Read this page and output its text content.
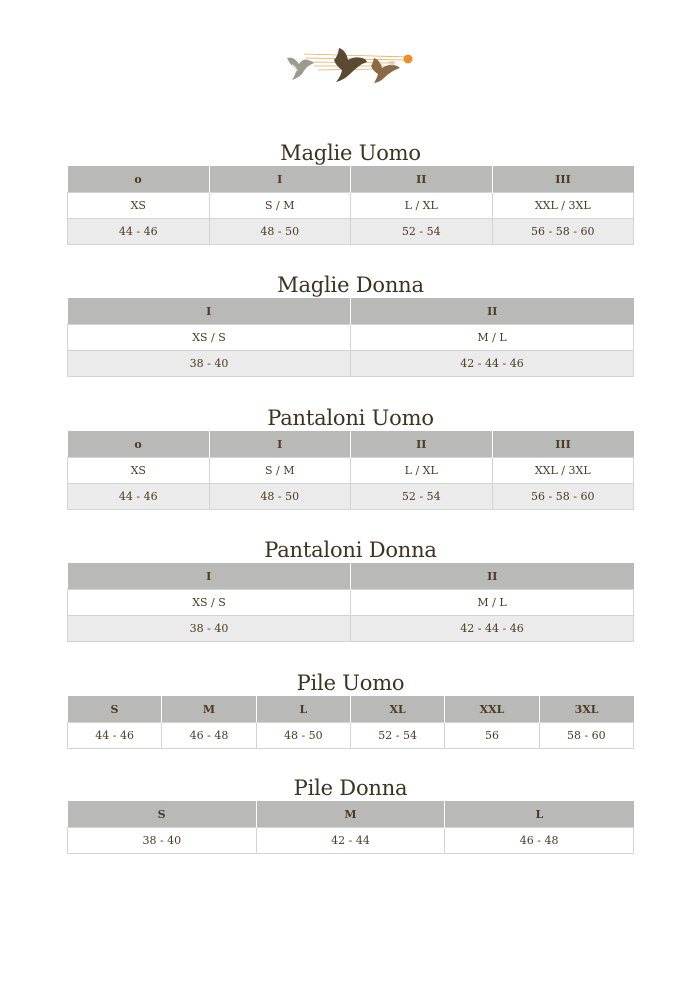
Maglie Uomo
o	I	II	III
XS	S / M	L / XL	XXL / 3XL
44 - 46	48 - 50	52 - 54	56 - 58 - 60
Maglie Donna
I	II
XS / S	M / L
38 - 40	42 - 44 - 46
Pantaloni Uomo
o	I	II	III
XS	S / M	L / XL	XXL / 3XL
44 - 46	48 - 50	52 - 54	56 - 58 - 60
Pantaloni Donna
I	II
XS / S	M / L
38 - 40	42 - 44 - 46
Pile Uomo
S	M	L	XL	XXL	3XL
44 - 46	46 - 48	48 - 50	52 - 54	56	58 - 60
Pile Donna
S	M	L
38 - 40	42 - 44	46 - 48
